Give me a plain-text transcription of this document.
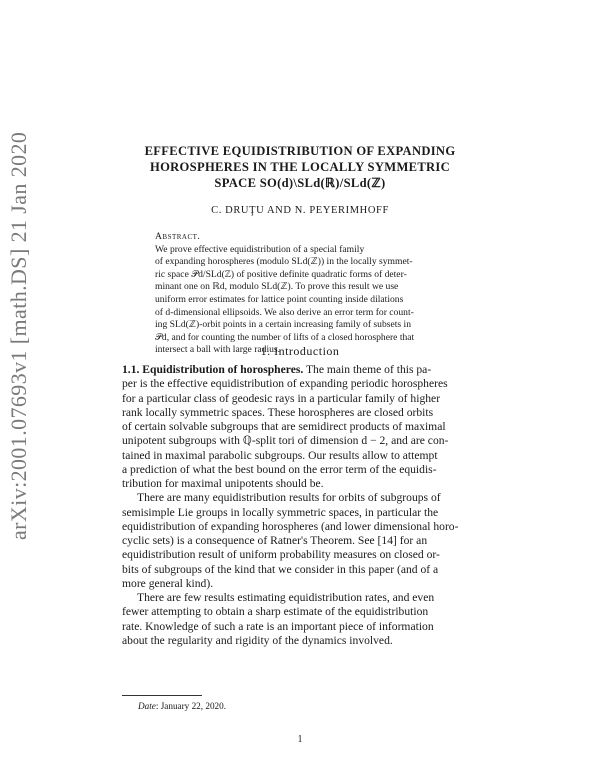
arXiv:2001.07693v1 [math.DS] 21 Jan 2020	EFFECTIVE EQUIDISTRIBUTION OF EXPANDING
HOROSPHERES IN THE LOCALLY SYMMETRIC
SPACE SO(d)\SLd(ℝ)/SLd(ℤ)
C. DRUŢU AND N. PEYERIMHOFF
Abstract.
We prove effective equidistribution of a special family
of expanding horospheres (modulo SLd(ℤ)) in the locally symmet-
ric space 𝒫d/SLd(ℤ) of positive definite quadratic forms of deter-
minant one on ℝd, modulo SLd(ℤ). To prove this result we use
uniform error estimates for lattice point counting inside dilations
of d-dimensional ellipsoids. We also derive an error term for count-
ing SLd(ℤ)-orbit points in a certain increasing family of subsets in
𝒫d, and for counting the number of lifts of a closed horosphere that
intersect a ball with large radius.
1. Introduction
1.1. Equidistribution of horospheres. The main theme of this pa-
per is the effective equidistribution of expanding periodic horospheres
for a particular class of geodesic rays in a particular family of higher
rank locally symmetric spaces. These horospheres are closed orbits
of certain solvable subgroups that are semidirect products of maximal
unipotent subgroups with ℚ-split tori of dimension d − 2, and are con-
tained in maximal parabolic subgroups. Our results allow to attempt
a prediction of what the best bound on the error term of the equidis-
tribution for maximal unipotents should be.
There are many equidistribution results for orbits of subgroups of
semisimple Lie groups in locally symmetric spaces, in particular the
equidistribution of expanding horospheres (and lower dimensional horo-
cyclic sets) is a consequence of Ratner's Theorem. See [14] for an
equidistribution result of uniform probability measures on closed or-
bits of subgroups of the kind that we consider in this paper (and of a
more general kind).
There are few results estimating equidistribution rates, and even
fewer attempting to obtain a sharp estimate of the equidistribution
rate. Knowledge of such a rate is an important piece of information
about the regularity and rigidity of the dynamics involved.
Date: January 22, 2020.
1
